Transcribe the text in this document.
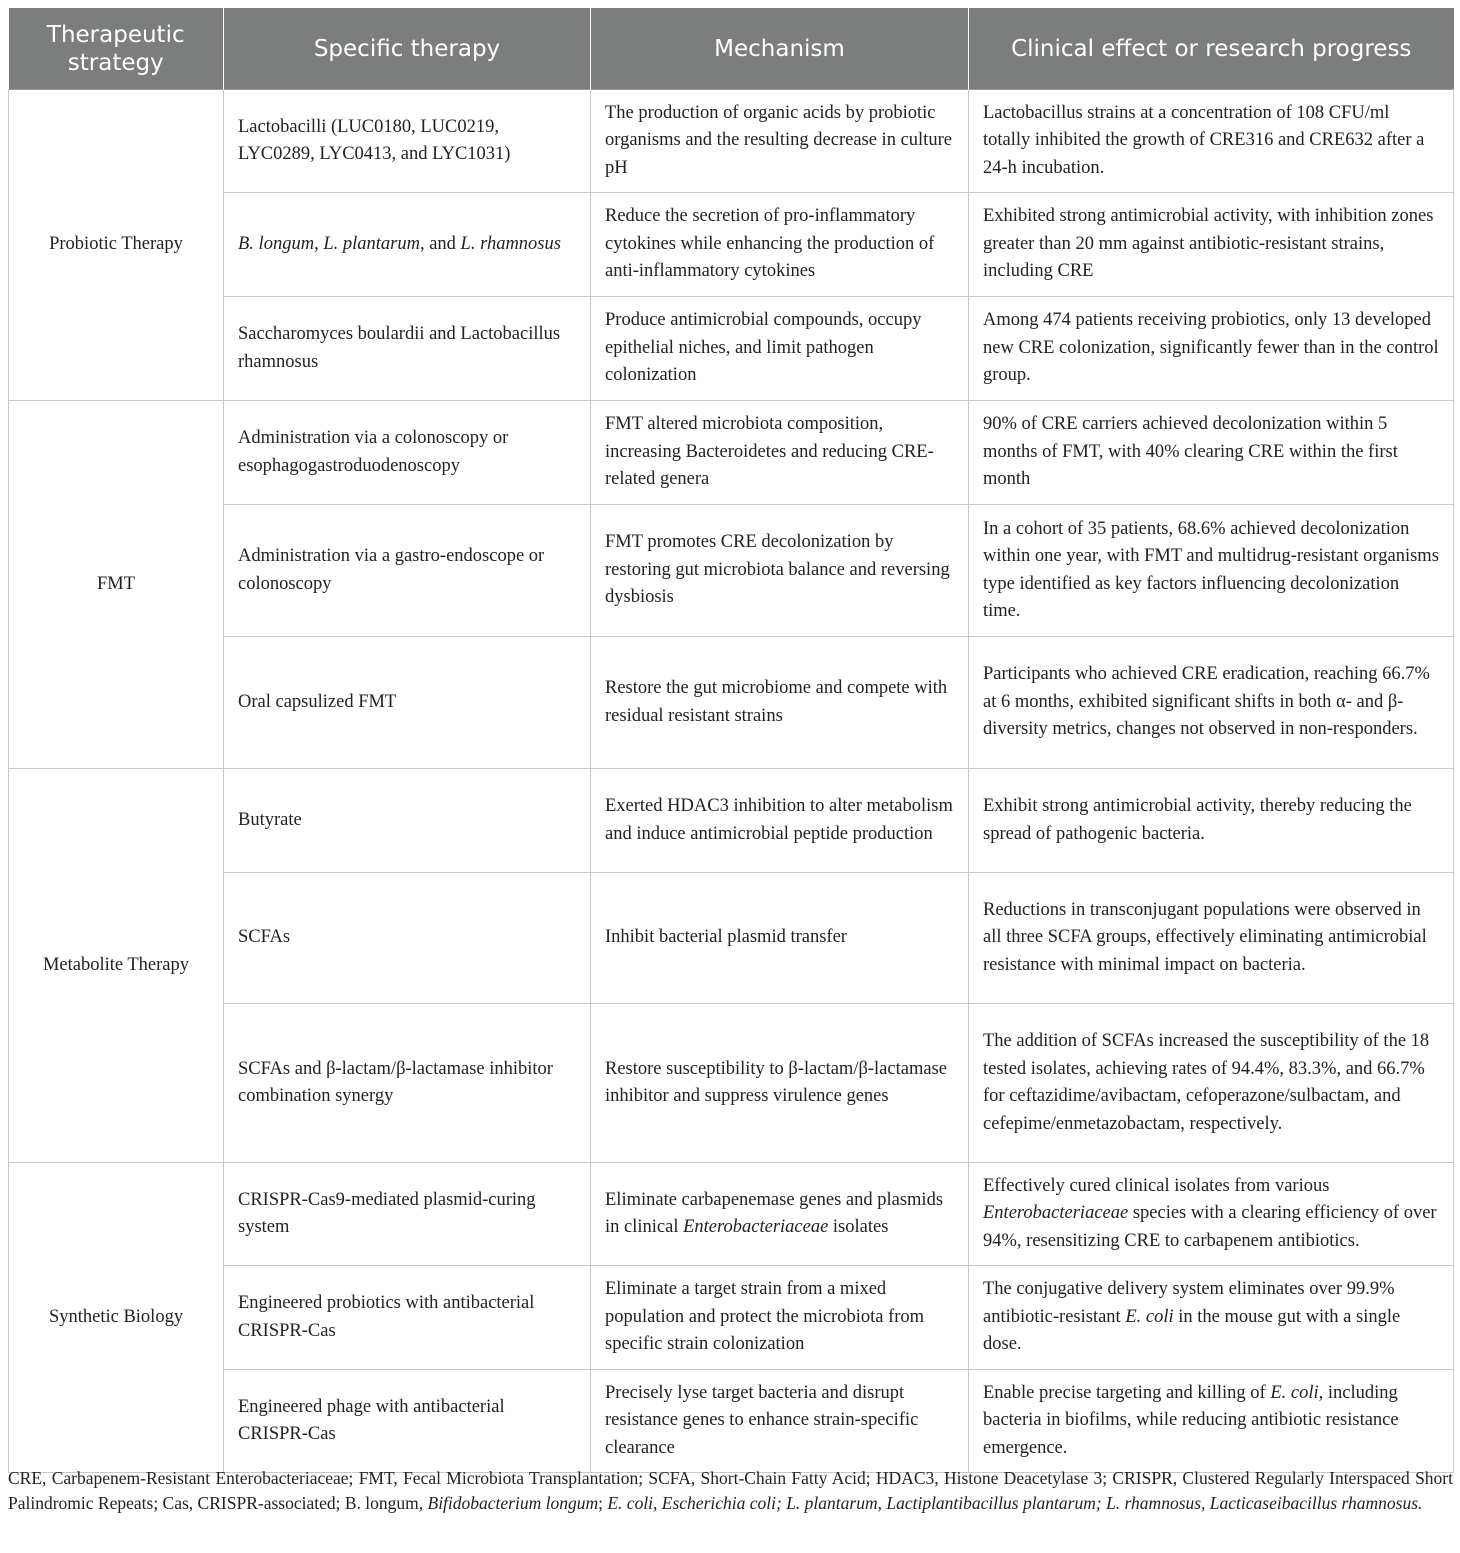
Therapeutic strategy	Specific therapy	Mechanism	Clinical effect or research progress
Probiotic Therapy	Lactobacilli (LUC0180, LUC0219, LYC0289, LYC0413, and LYC1031)	The production of organic acids by probiotic organisms and the resulting decrease in culture pH	Lactobacillus strains at a concentration of 108 CFU/ml totally inhibited the growth of CRE316 and CRE632 after a 24-h incubation.
	B. longum, L. plantarum, and L. rhamnosus	Reduce the secretion of pro-inflammatory cytokines while enhancing the production of anti-inflammatory cytokines	Exhibited strong antimicrobial activity, with inhibition zones greater than 20 mm against antibiotic-resistant strains, including CRE
	Saccharomyces boulardii and Lactobacillus rhamnosus	Produce antimicrobial compounds, occupy epithelial niches, and limit pathogen colonization	Among 474 patients receiving probiotics, only 13 developed new CRE colonization, significantly fewer than in the control group.
FMT	Administration via a colonoscopy or esophagogastroduodenoscopy	FMT altered microbiota composition, increasing Bacteroidetes and reducing CRE-related genera	90% of CRE carriers achieved decolonization within 5 months of FMT, with 40% clearing CRE within the first month
	Administration via a gastro-endoscope or colonoscopy	FMT promotes CRE decolonization by restoring gut microbiota balance and reversing dysbiosis	In a cohort of 35 patients, 68.6% achieved decolonization within one year, with FMT and multidrug-resistant organisms type identified as key factors influencing decolonization time.
	Oral capsulized FMT	Restore the gut microbiome and compete with residual resistant strains	Participants who achieved CRE eradication, reaching 66.7% at 6 months, exhibited significant shifts in both α- and β-diversity metrics, changes not observed in non-responders.
Metabolite Therapy	Butyrate	Exerted HDAC3 inhibition to alter metabolism and induce antimicrobial peptide production	Exhibit strong antimicrobial activity, thereby reducing the spread of pathogenic bacteria.
	SCFAs	Inhibit bacterial plasmid transfer	Reductions in transconjugant populations were observed in all three SCFA groups, effectively eliminating antimicrobial resistance with minimal impact on bacteria.
	SCFAs and β-lactam/β-lactamase inhibitor combination synergy	Restore susceptibility to β-lactam/β-lactamase inhibitor and suppress virulence genes	The addition of SCFAs increased the susceptibility of the 18 tested isolates, achieving rates of 94.4%, 83.3%, and 66.7% for ceftazidime/avibactam, cefoperazone/sulbactam, and cefepime/enmetazobactam, respectively.
Synthetic Biology	CRISPR-Cas9-mediated plasmid-curing system	Eliminate carbapenemase genes and plasmids in clinical Enterobacteriaceae isolates	Effectively cured clinical isolates from various Enterobacteriaceae species with a clearing efficiency of over 94%, resensitizing CRE to carbapenem antibiotics.
	Engineered probiotics with antibacterial CRISPR-Cas	Eliminate a target strain from a mixed population and protect the microbiota from specific strain colonization	The conjugative delivery system eliminates over 99.9% antibiotic-resistant E. coli in the mouse gut with a single dose.
	Engineered phage with antibacterial CRISPR-Cas	Precisely lyse target bacteria and disrupt resistance genes to enhance strain-specific clearance	Enable precise targeting and killing of E. coli, including bacteria in biofilms, while reducing antibiotic resistance emergence.
CRE, Carbapenem-Resistant Enterobacteriaceae; FMT, Fecal Microbiota Transplantation; SCFA, Short-Chain Fatty Acid; HDAC3, Histone Deacetylase 3; CRISPR, Clustered Regularly Interspaced Short Palindromic Repeats; Cas, CRISPR-associated; B. longum, Bifidobacterium longum; E. coli, Escherichia coli; L. plantarum, Lactiplantibacillus plantarum; L. rhamnosus, Lacticaseibacillus rhamnosus.
